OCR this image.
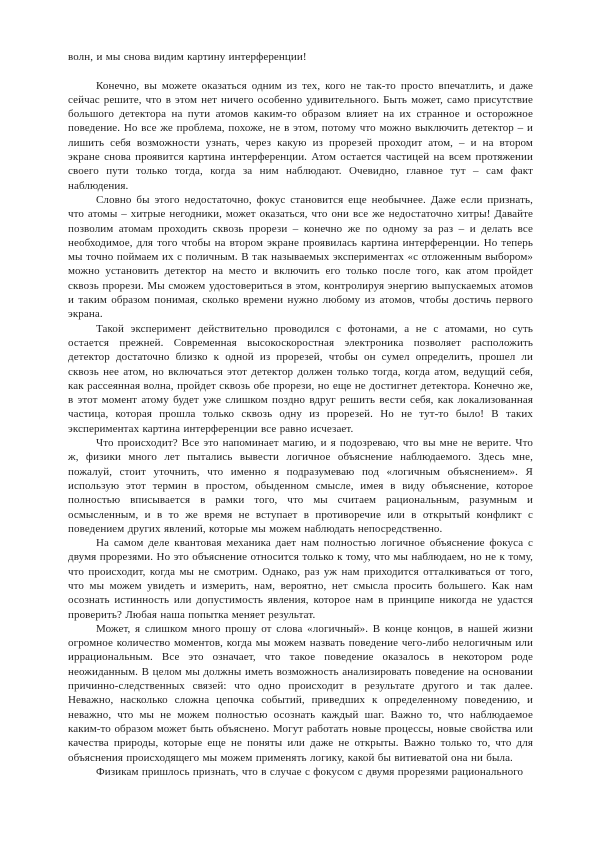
волн, и мы снова видим картину интерференции!

Конечно, вы можете оказаться одним из тех, кого не так-то просто впечатлить, и даже сейчас решите, что в этом нет ничего особенно удивительного. Быть может, само присутствие большого детектора на пути атомов каким-то образом влияет на их странное и осторожное поведение. Но все же проблема, похоже, не в этом, потому что можно выключить детектор – и лишить себя возможности узнать, через какую из прорезей проходит атом, – и на втором экране снова проявится картина интерференции. Атом остается частицей на всем протяжении своего пути только тогда, когда за ним наблюдают. Очевидно, главное тут – сам факт наблюдения.

Словно бы этого недостаточно, фокус становится еще необычнее. Даже если признать, что атомы – хитрые негодники, может оказаться, что они все же недостаточно хитры! Давайте позволим атомам проходить сквозь прорези – конечно же по одному за раз – и делать все необходимое, для того чтобы на втором экране проявилась картина интерференции. Но теперь мы точно поймаем их с поличным. В так называемых экспериментах «с отложенным выбором» можно установить детектор на место и включить его только после того, как атом пройдет сквозь прорези. Мы сможем удостовериться в этом, контролируя энергию выпускаемых атомов и таким образом понимая, сколько времени нужно любому из атомов, чтобы достичь первого экрана.

Такой эксперимент действительно проводился с фотонами, а не с атомами, но суть остается прежней. Современная высокоскоростная электроника позволяет расположить детектор достаточно близко к одной из прорезей, чтобы он сумел определить, прошел ли сквозь нее атом, но включаться этот детектор должен только тогда, когда атом, ведущий себя, как рассеянная волна, пройдет сквозь обе прорези, но еще не достигнет детектора. Конечно же, в этот момент атому будет уже слишком поздно вдруг решить вести себя, как локализованная частица, которая прошла только сквозь одну из прорезей. Но не тут-то было! В таких экспериментах картина интерференции все равно исчезает.

Что происходит? Все это напоминает магию, и я подозреваю, что вы мне не верите. Что ж, физики много лет пытались вывести логичное объяснение наблюдаемого. Здесь мне, пожалуй, стоит уточнить, что именно я подразумеваю под «логичным объяснением». Я использую этот термин в простом, обыденном смысле, имея в виду объяснение, которое полностью вписывается в рамки того, что мы считаем рациональным, разумным и осмысленным, и в то же время не вступает в противоречие или в открытый конфликт с поведением других явлений, которые мы можем наблюдать непосредственно.

На самом деле квантовая механика дает нам полностью логичное объяснение фокуса с двумя прорезями. Но это объяснение относится только к тому, что мы наблюдаем, но не к тому, что происходит, когда мы не смотрим. Однако, раз уж нам приходится отталкиваться от того, что мы можем увидеть и измерить, нам, вероятно, нет смысла просить большего. Как нам осознать истинность или допустимость явления, которое нам в принципе никогда не удастся проверить? Любая наша попытка меняет результат.

Может, я слишком много прошу от слова «логичный». В конце концов, в нашей жизни огромное количество моментов, когда мы можем назвать поведение чего-либо нелогичным или иррациональным. Все это означает, что такое поведение оказалось в некотором роде неожиданным. В целом мы должны иметь возможность анализировать поведение на основании причинно-следственных связей: что одно происходит в результате другого и так далее. Неважно, насколько сложна цепочка событий, приведших к определенному поведению, и неважно, что мы не можем полностью осознать каждый шаг. Важно то, что наблюдаемое каким-то образом может быть объяснено. Могут работать новые процессы, новые свойства или качества природы, которые еще не поняты или даже не открыты. Важно только то, что для объяснения происходящего мы можем применять логику, какой бы витиеватой она ни была.

Физикам пришлось признать, что в случае с фокусом с двумя прорезями рационального
